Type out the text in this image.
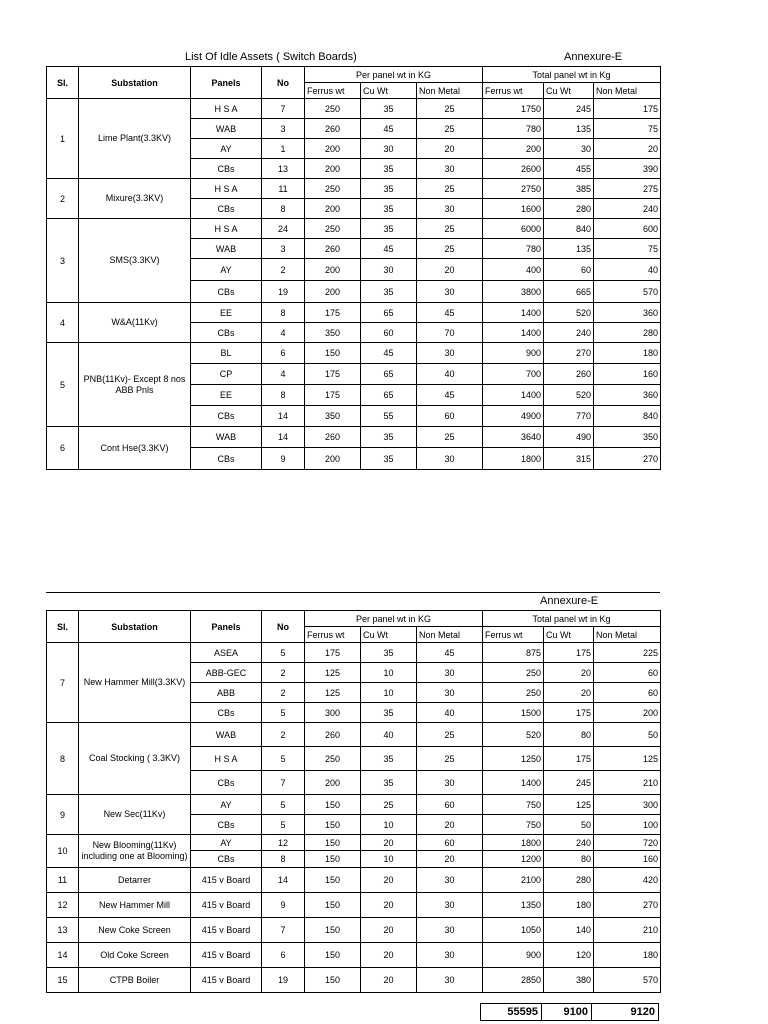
List Of Idle Assets ( Switch Boards)	Annexure-E
Sl.	Substation	Panels	No	Per panel wt in KG			Total panel wt in Kg		
				Ferrus wt	Cu Wt	Non Metal	Ferrus wt	Cu Wt	Non Metal
1	Lime Plant(3.3KV)	H S A	7	250	35	25	1750	245	175
		WAB	3	260	45	25	780	135	75
		AY	1	200	30	20	200	30	20
		CBs	13	200	35	30	2600	455	390
2	Mixure(3.3KV)	H S A	11	250	35	25	2750	385	275
		CBs	8	200	35	30	1600	280	240
3	SMS(3.3KV)	H S A	24	250	35	25	6000	840	600
		WAB	3	260	45	25	780	135	75
		AY	2	200	30	20	400	60	40
		CBs	19	200	35	30	3800	665	570
4	W&A(11Kv)	EE	8	175	65	45	1400	520	360
		CBs	4	350	60	70	1400	240	280
5	PNB(11Kv)- Except 8 nos ABB Pnls	BL	6	150	45	30	900	270	180
		CP	4	175	65	40	700	260	160
		EE	8	175	65	45	1400	520	360
		CBs	14	350	55	60	4900	770	840
6	Cont Hse(3.3KV)	WAB	14	260	35	25	3640	490	350
		CBs	9	200	35	30	1800	315	270
Annexure-E
Sl.	Substation	Panels	No	Per panel wt in KG			Total panel wt in Kg		
				Ferrus wt	Cu Wt	Non Metal	Ferrus wt	Cu Wt	Non Metal
7	New Hammer Mill(3.3KV)	ASEA	5	175	35	45	875	175	225
		ABB-GEC	2	125	10	30	250	20	60
		ABB	2	125	10	30	250	20	60
		CBs	5	300	35	40	1500	175	200
8	Coal Stocking ( 3.3KV)	WAB	2	260	40	25	520	80	50
		H S A	5	250	35	25	1250	175	125
		CBs	7	200	35	30	1400	245	210
9	New Sec(11Kv)	AY	5	150	25	60	750	125	300
		CBs	5	150	10	20	750	50	100
10	New Blooming(11Kv) including one at Blooming)	AY	12	150	20	60	1800	240	720
		CBs	8	150	10	20	1200	80	160
11	Detarrer	415 v Board	14	150	20	30	2100	280	420
12	New Hammer Mill	415 v Board	9	150	20	30	1350	180	270
13	New Coke Screen	415 v Board	7	150	20	30	1050	140	210
14	Old Coke Screen	415 v Board	6	150	20	30	900	120	180
15	CTPB Boiler	415 v Board	19	150	20	30	2850	380	570
55595	9100	9120
